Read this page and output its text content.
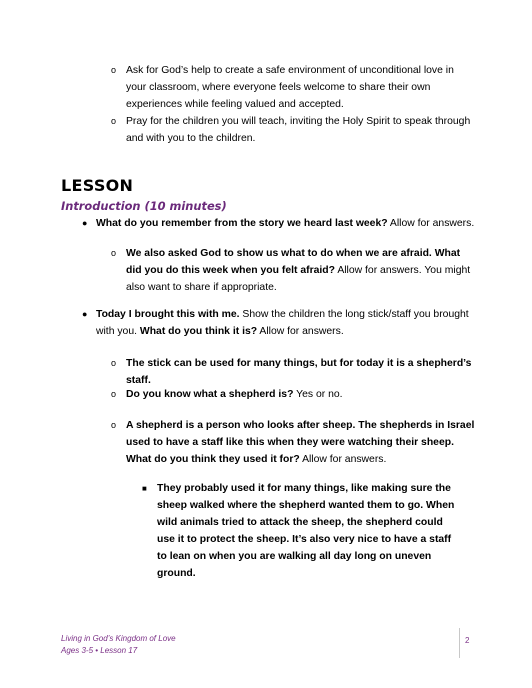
o Ask for God’s help to create a safe environment of unconditional love in your classroom, where everyone feels welcome to share their own experiences while feeling valued and accepted.
o Pray for the children you will teach, inviting the Holy Spirit to speak through and with you to the children.
LESSON
Introduction (10 minutes)
● What do you remember from the story we heard last week? Allow for answers.
o We also asked God to show us what to do when we are afraid. What did you do this week when you felt afraid? Allow for answers. You might also want to share if appropriate.
● Today I brought this with me. Show the children the long stick/staff you brought with you. What do you think it is? Allow for answers.
o The stick can be used for many things, but for today it is a shepherd’s staff.
o Do you know what a shepherd is? Yes or no.
o A shepherd is a person who looks after sheep. The shepherds in Israel used to have a staff like this when they were watching their sheep. What do you think they used it for? Allow for answers.
■ They probably used it for many things, like making sure the sheep walked where the shepherd wanted them to go. When wild animals tried to attack the sheep, the shepherd could use it to protect the sheep. It’s also very nice to have a staff to lean on when you are walking all day long on uneven ground.
Living in God’s Kingdom of Love
Ages 3-5 • Lesson 17
2
